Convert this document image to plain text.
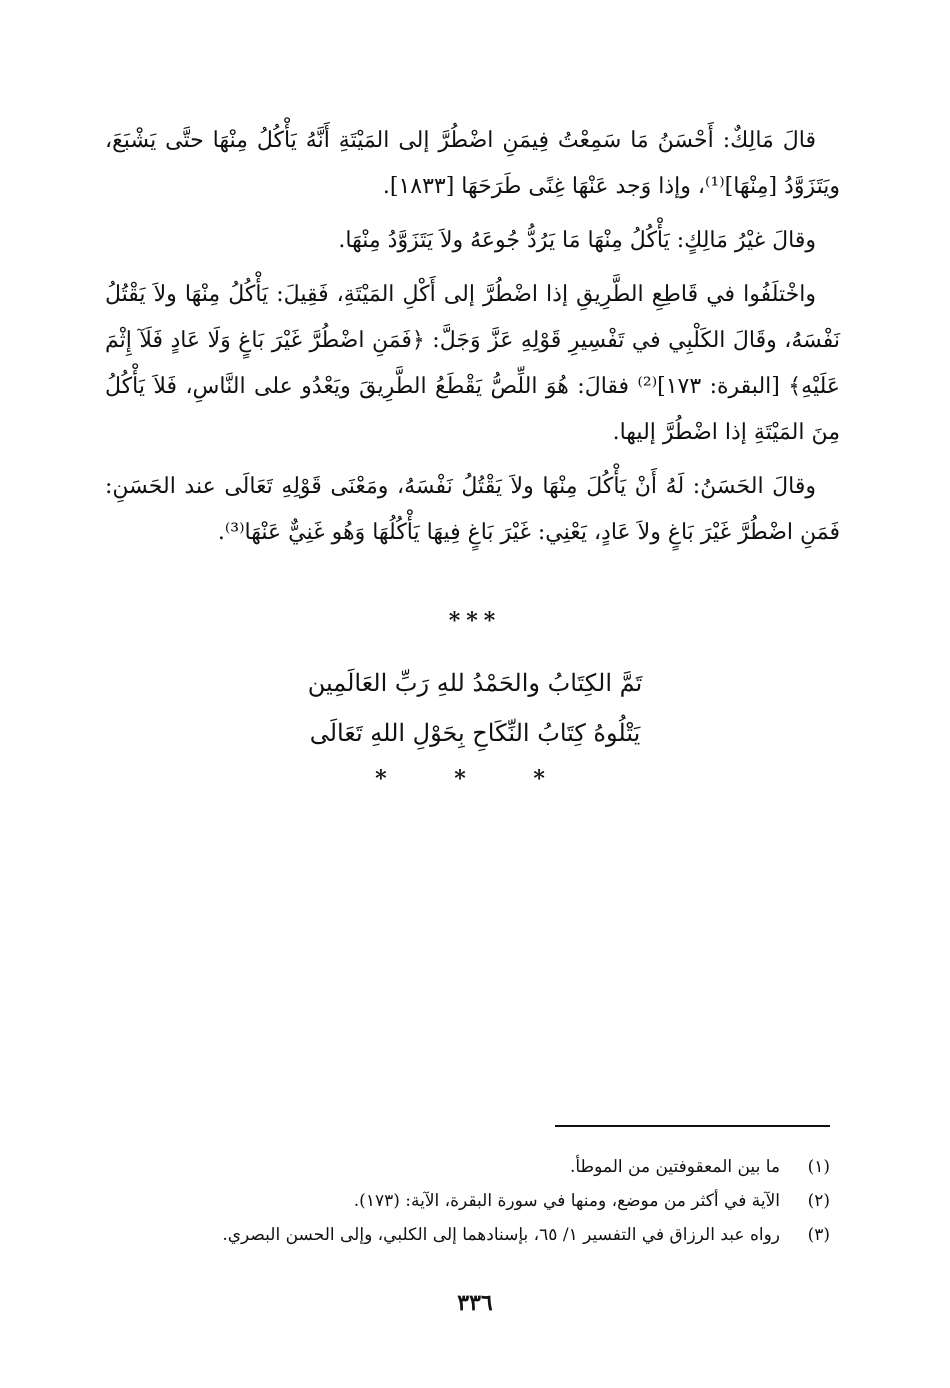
قالَ مَالِكٌ: أَحْسَنُ مَا سَمِعْتُ فِيمَنِ اضْطُرَّ إلى المَيْتَةِ أَنَّهُ يَأْكُلُ مِنْهَا حتَّى يَشْبَعَ، ويَتَزَوَّدُ [مِنْهَا]⁽¹⁾، وإذا وَجد عَنْهَا غِنًى طَرَحَهَا [١٨٣٣].

وقالَ غيْرُ مَالِكٍ: يَأْكُلُ مِنْهَا مَا يَرُدُّ جُوعَهُ ولاَ يَتَزَوَّدُ مِنْهَا.

واخْتلَفُوا في قَاطِعِ الطَّرِيقِ إذا اضْطُرَّ إلى أَكْلِ المَيْتَةِ، فَقِيلَ: يَأْكُلُ مِنْهَا ولاَ يَقْتُلُ نَفْسَهُ، وقَالَ الكَلْبِي في تَفْسِيرِ قَوْلِهِ عَزَّ وَجَلَّ: ﴿فَمَنِ اضْطُرَّ غَيْرَ بَاغٍ وَلَا عَادٍ فَلَآ إِثْمَ عَلَيْهِ﴾ [البقرة: ١٧٣]⁽²⁾ فقالَ: هُوَ اللِّصُّ يَقْطَعُ الطَّرِيقَ ويَعْدُو على النَّاسِ، فَلاَ يَأْكُلُ مِنَ المَيْتَةِ إذا اضْطُرَّ إليها.

وقالَ الحَسَنُ: لَهُ أَنْ يَأْكُلَ مِنْهَا ولاَ يَقْتُلُ نَفْسَهُ، ومَعْنَى قَوْلِهِ تَعَالَى عند الحَسَنِ: فَمَنِ اضْطُرَّ غَيْرَ بَاغٍ ولاَ عَادٍ، يَعْنِي: غَيْرَ بَاغٍ فِيهَا يَأْكُلُهَا وَهُو غَنِيٌّ عَنْهَا⁽³⁾.

***
تَمَّ الكِتَابُ والحَمْدُ للهِ رَبِّ العَالَمِين
يَتْلُوهُ كِتَابُ النِّكَاحِ بِحَوْلِ اللهِ تَعَالَى
* * *
(١)
ما بين المعقوفتين من الموطأ.
(٢)
الآية في أكثر من موضع، ومنها في سورة البقرة، الآية: (١٧٣).
(٣)
رواه عبد الرزاق في التفسير ١/ ٦٥، بإسنادهما إلى الكلبي، وإلى الحسن البصري.
٣٣٦
